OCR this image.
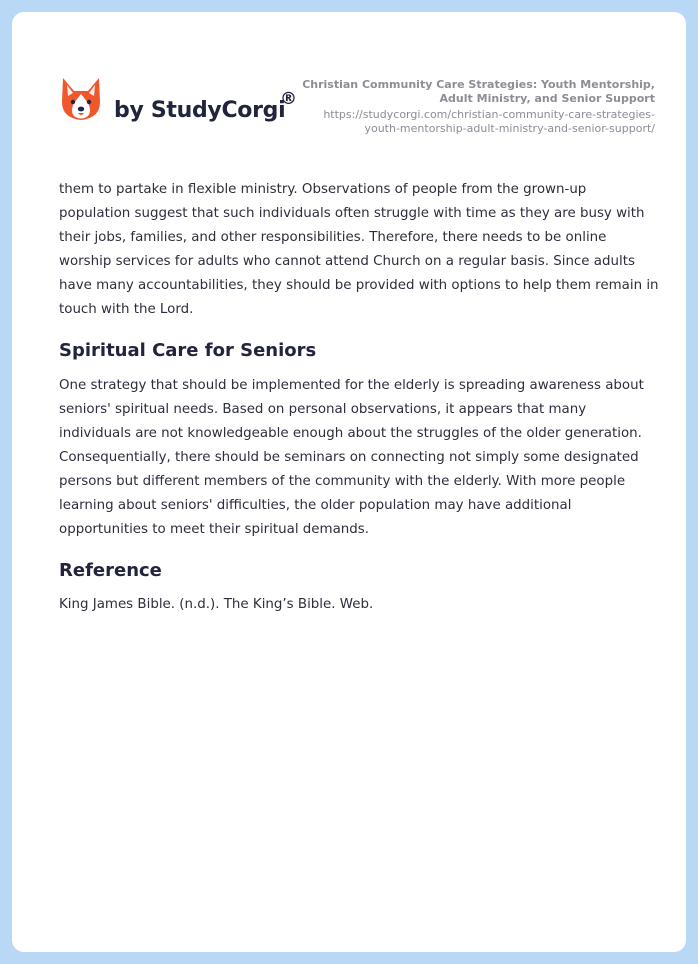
by StudyCorgi
®

Christian Community Care Strategies: Youth Mentorship, Adult Ministry, and Senior Support

https://studycorgi.com/christian-community-care-strategies-youth-mentorship-adult-ministry-and-senior-support/

them to partake in flexible ministry. Observations of people from the grown-up population suggest that such individuals often struggle with time as they are busy with their jobs, families, and other responsibilities. Therefore, there needs to be online worship services for adults who cannot attend Church on a regular basis. Since adults have many accountabilities, they should be provided with options to help them remain in touch with the Lord.

Spiritual Care for Seniors

One strategy that should be implemented for the elderly is spreading awareness about seniors' spiritual needs. Based on personal observations, it appears that many individuals are not knowledgeable enough about the struggles of the older generation. Consequentially, there should be seminars on connecting not simply some designated persons but different members of the community with the elderly. With more people learning about seniors' difficulties, the older population may have additional opportunities to meet their spiritual demands.

Reference

King James Bible. (n.d.). The King’s Bible. Web.
